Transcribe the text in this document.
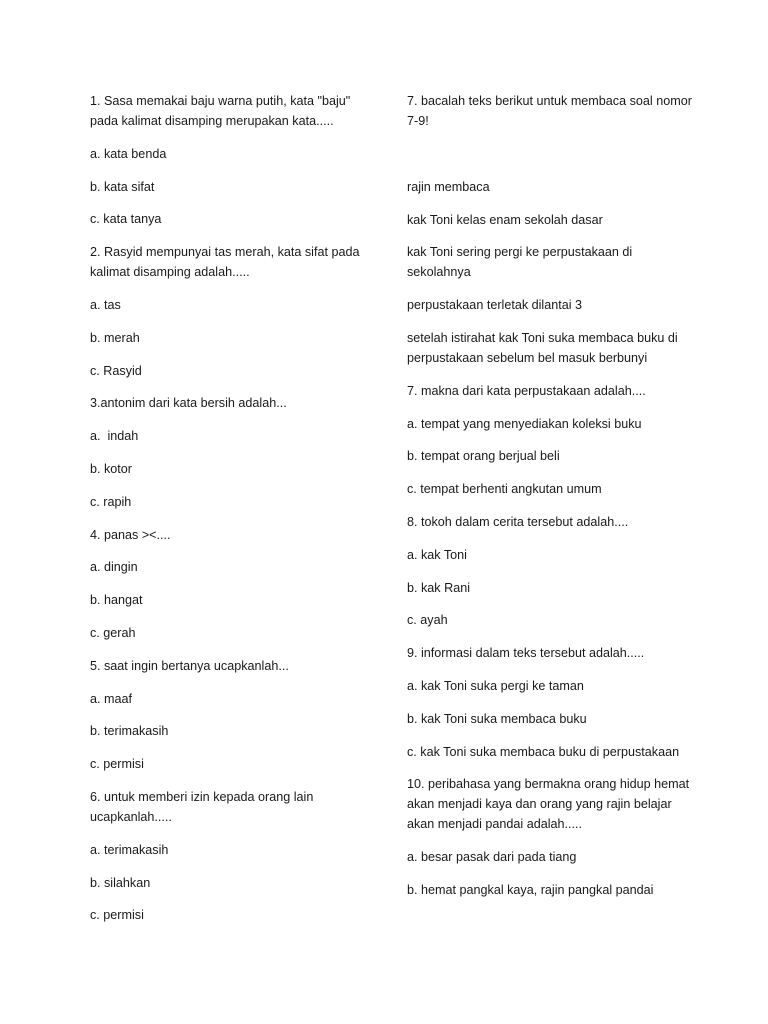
1. Sasa memakai baju warna putih, kata "baju" pada kalimat disamping merupakan kata.....

a. kata benda

b. kata sifat

c. kata tanya

2. Rasyid mempunyai tas merah, kata sifat pada kalimat disamping adalah.....

a. tas

b. merah

c. Rasyid

3.antonim dari kata bersih adalah...

a.  indah

b. kotor

c. rapih

4. panas ><....

a. dingin

b. hangat

c. gerah

5. saat ingin bertanya ucapkanlah...

a. maaf

b. terimakasih

c. permisi

6. untuk memberi izin kepada orang lain ucapkanlah.....

a. terimakasih

b. silahkan

c. permisi

7. bacalah teks berikut untuk membaca soal nomor 7-9!

rajin membaca

kak Toni kelas enam sekolah dasar

kak Toni sering pergi ke perpustakaan di sekolahnya

perpustakaan terletak dilantai 3

setelah istirahat kak Toni suka membaca buku di perpustakaan sebelum bel masuk berbunyi

7. makna dari kata perpustakaan adalah....

a. tempat yang menyediakan koleksi buku

b. tempat orang berjual beli

c. tempat berhenti angkutan umum

8. tokoh dalam cerita tersebut adalah....

a. kak Toni

b. kak Rani

c. ayah

9. informasi dalam teks tersebut adalah.....

a. kak Toni suka pergi ke taman

b. kak Toni suka membaca buku

c. kak Toni suka membaca buku di perpustakaan

10. peribahasa yang bermakna orang hidup hemat akan menjadi kaya dan orang yang rajin belajar akan menjadi pandai adalah.....

a. besar pasak dari pada tiang

b. hemat pangkal kaya, rajin pangkal pandai
